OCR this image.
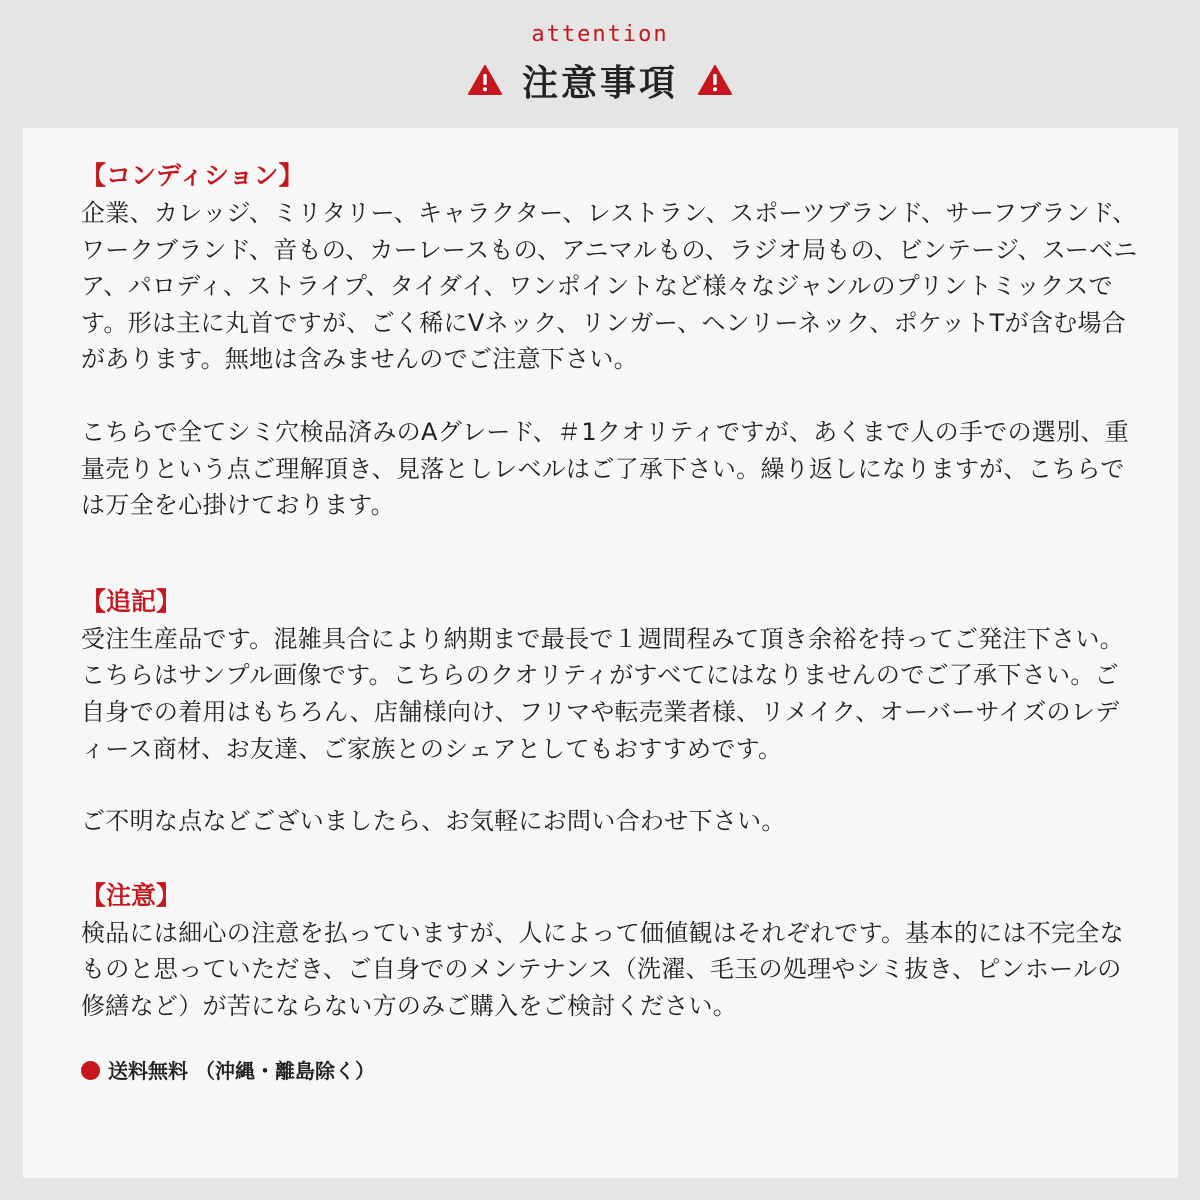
attention
注意事項
【コンディション】

企業、カレッジ、ミリタリー、キャラクター、レストラン、スポーツブランド、サーフブランド、ワークブランド、音もの、カーレースもの、アニマルもの、ラジオ局もの、ビンテージ、スーベニア、パロディ、ストライプ、タイダイ、ワンポイントなど様々なジャンルのプリントミックスです。形は主に丸首ですが、ごく稀にVネック、リンガー、ヘンリーネック、ポケットTが含む場合があります。無地は含みませんのでご注意下さい。

こちらで全てシミ穴検品済みのAグレード、＃1クオリティですが、あくまで人の手での選別、重量売りという点ご理解頂き、見落としレベルはご了承下さい。繰り返しになりますが、こちらでは万全を心掛けております。

【追記】

受注生産品です。混雑具合により納期まで最長で１週間程みて頂き余裕を持ってご発注下さい。こちらはサンプル画像です。こちらのクオリティがすべてにはなりませんのでご了承下さい。ご自身での着用はもちろん、店舗様向け、フリマや転売業者様、リメイク、オーバーサイズのレディース商材、お友達、ご家族とのシェアとしてもおすすめです。

ご不明な点などございましたら、お気軽にお問い合わせ下さい。

【注意】

検品には細心の注意を払っていますが、人によって価値観はそれぞれです。基本的には不完全なものと思っていただき、ご自身でのメンテナンス（洗濯、毛玉の処理やシミ抜き、ピンホールの修繕など）が苦にならない方のみご購入をご検討ください。

送料無料 （沖縄・離島除く）
